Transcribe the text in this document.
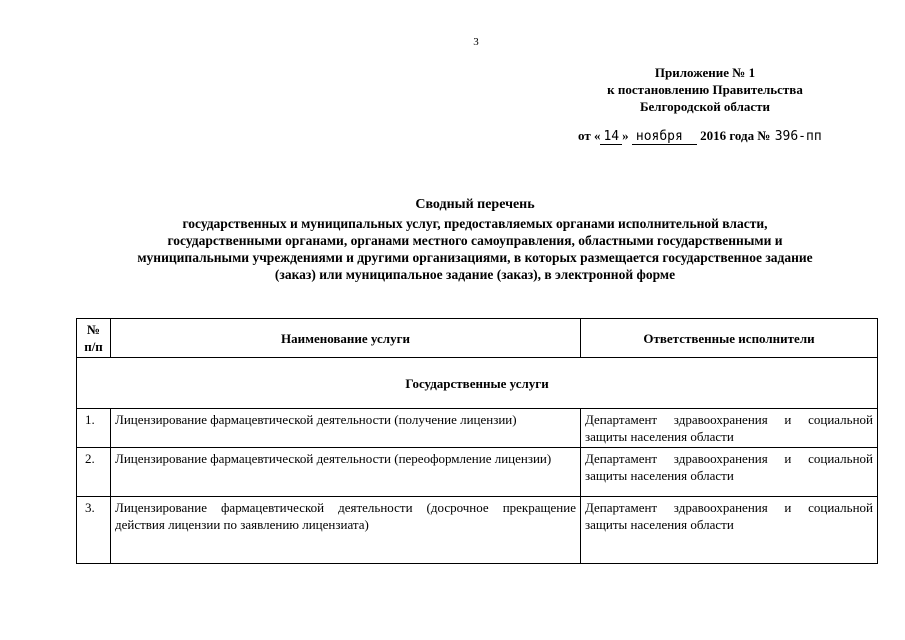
3
Приложение № 1
к постановлению Правительства
Белгородской области
от « 14 » ноября 2016 года № 396-пп
Сводный перечень
государственных и муниципальных услуг, предоставляемых органами исполнительной власти,
государственными органами, органами местного самоуправления, областными государственными и
муниципальными учреждениями и другими организациями, в которых размещается государственное задание
(заказ) или муниципальное задание (заказ), в электронной форме
№ п/п	Наименование услуги	Ответственные исполнители
Государственные услуги		
1.	Лицензирование фармацевтической деятельности (получение лицензии)	Департамент здравоохранения и социальной защиты населения области
2.	Лицензирование фармацевтической деятельности (переоформление лицензии)	Департамент здравоохранения и социальной защиты населения области
3.	Лицензирование фармацевтической деятельности (досрочное прекращение действия лицензии по заявлению лицензиата)	Департамент здравоохранения и социальной защиты населения области
